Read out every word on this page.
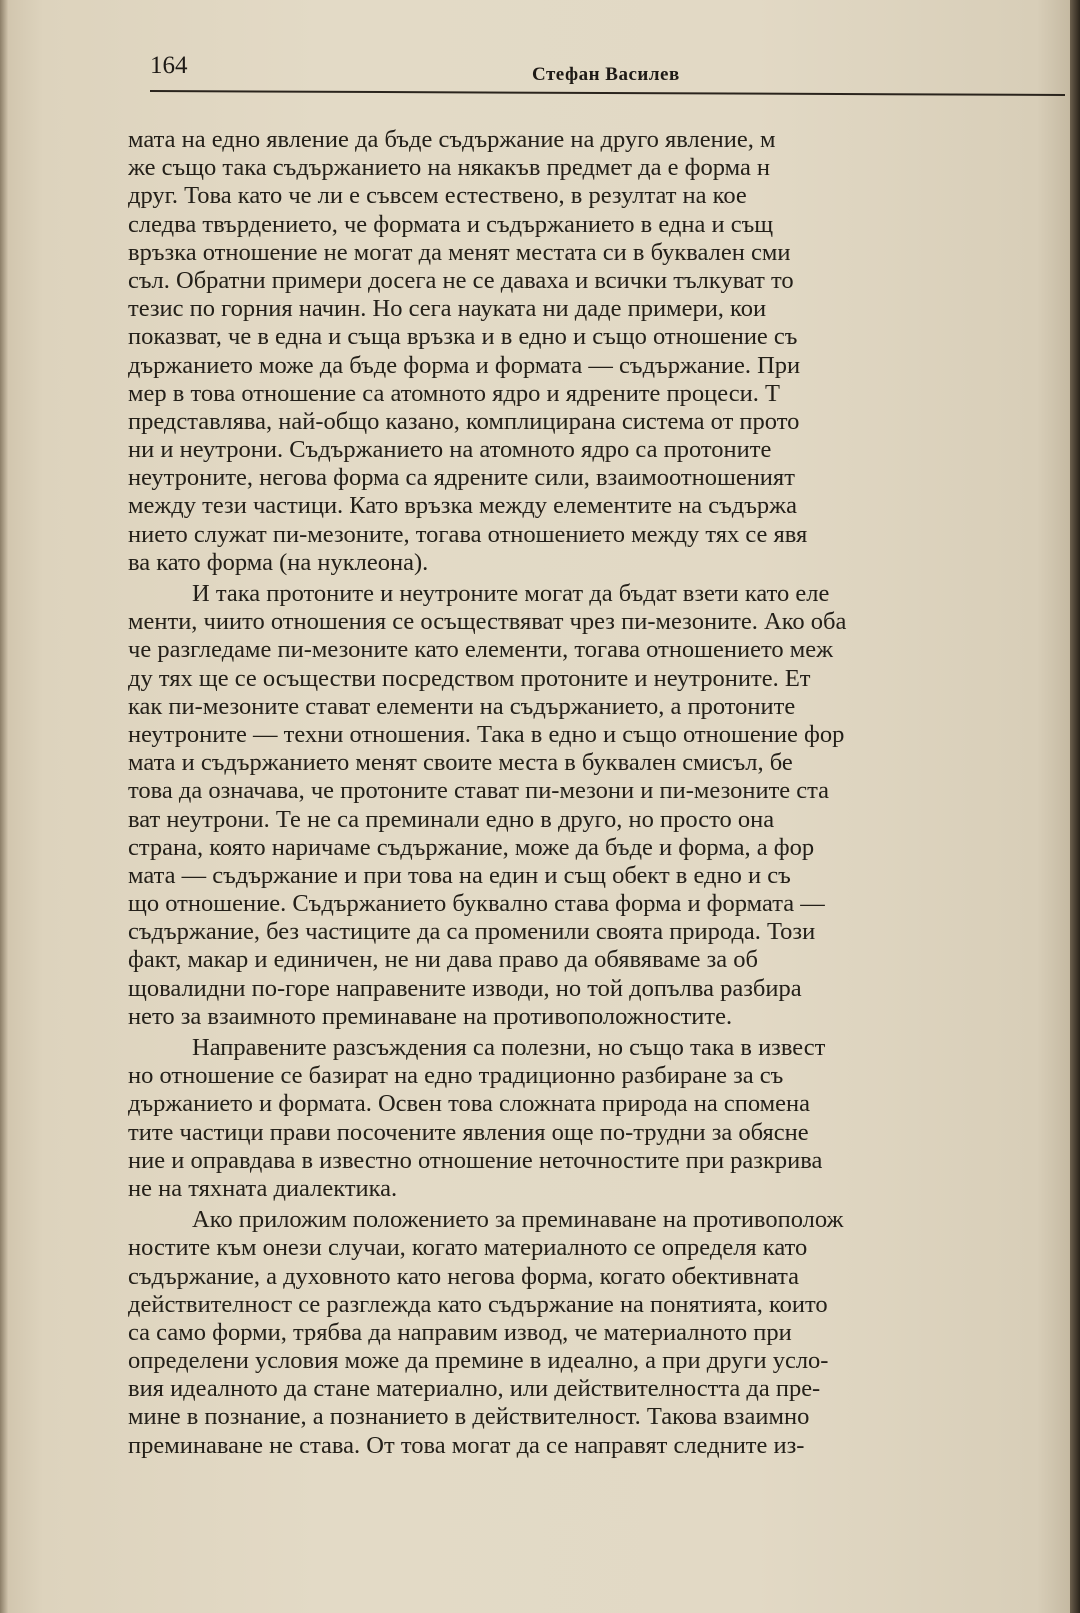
164	Стефан Василев
мата на едно явление да бъде съдържание на друго явление, м
же също така съдържанието на някакъв предмет да е форма н
друг. Това като че ли е съвсем естествено, в резултат на кое
следва твърдението, че формата и съдържанието в една и същ
връзка отношение не могат да менят местата си в буквален сми
съл. Обратни примери досега не се даваха и всички тълкуват то
тезис по горния начин. Но сега науката ни даде примери, кои
показват, че в една и съща връзка и в едно и също отношение съ
държанието може да бъде форма и формата — съдържание. При
мер в това отношение са атомното ядро и ядрените процеси. Т
представлява, най-общо казано, комплицирана система от прото
ни и неутрони. Съдържанието на атомното ядро са протоните
неутроните, негова форма са ядрените сили, взаимоотношеният
между тези частици. Като връзка между елементите на съдържа
нието служат пи-мезоните, тогава отношението между тях се явя
ва като форма (на нуклеона).
И така протоните и неутроните могат да бъдат взети като еле
менти, чиито отношения се осъществяват чрез пи-мезоните. Ако оба
че разгледаме пи-мезоните като елементи, тогава отношението меж
ду тях ще се осъществи посредством протоните и неутроните. Ет
как пи-мезоните стават елементи на съдържанието, а протоните
неутроните — техни отношения. Така в едно и също отношение фор
мата и съдържанието менят своите места в буквален смисъл, бе
това да означава, че протоните стават пи-мезони и пи-мезоните ста
ват неутрони. Те не са преминали едно в друго, но просто она
страна, която наричаме съдържание, може да бъде и форма, а фор
мата — съдържание и при това на един и същ обект в едно и съ
що отношение. Съдържанието буквално става форма и формата —
съдържание, без частиците да са променили своята природа. Този
факт, макар и единичен, не ни дава право да обявяваме за об
щовалидни по-горе направените изводи, но той допълва разбира
нето за взаимното преминаване на противоположностите.
Направените разсъждения са полезни, но също така в извест
но отношение се базират на едно традиционно разбиране за съ
държанието и формата. Освен това сложната природа на спомена
тите частици прави посочените явления още по-трудни за обясне
ние и оправдава в известно отношение неточностите при разкрива
не на тяхната диалектика.
Ако приложим положението за преминаване на противополож
ностите към онези случаи, когато материалното се определя като
съдържание, а духовното като негова форма, когато обективната
действителност се разглежда като съдържание на понятията, които
са само форми, трябва да направим извод, че материалното при
определени условия може да премине в идеално, а при други усло-
вия идеалното да стане материално, или действителността да пре-
мине в познание, а познанието в действителност. Такова взаимно
преминаване не става. От това могат да се направят следните из-
